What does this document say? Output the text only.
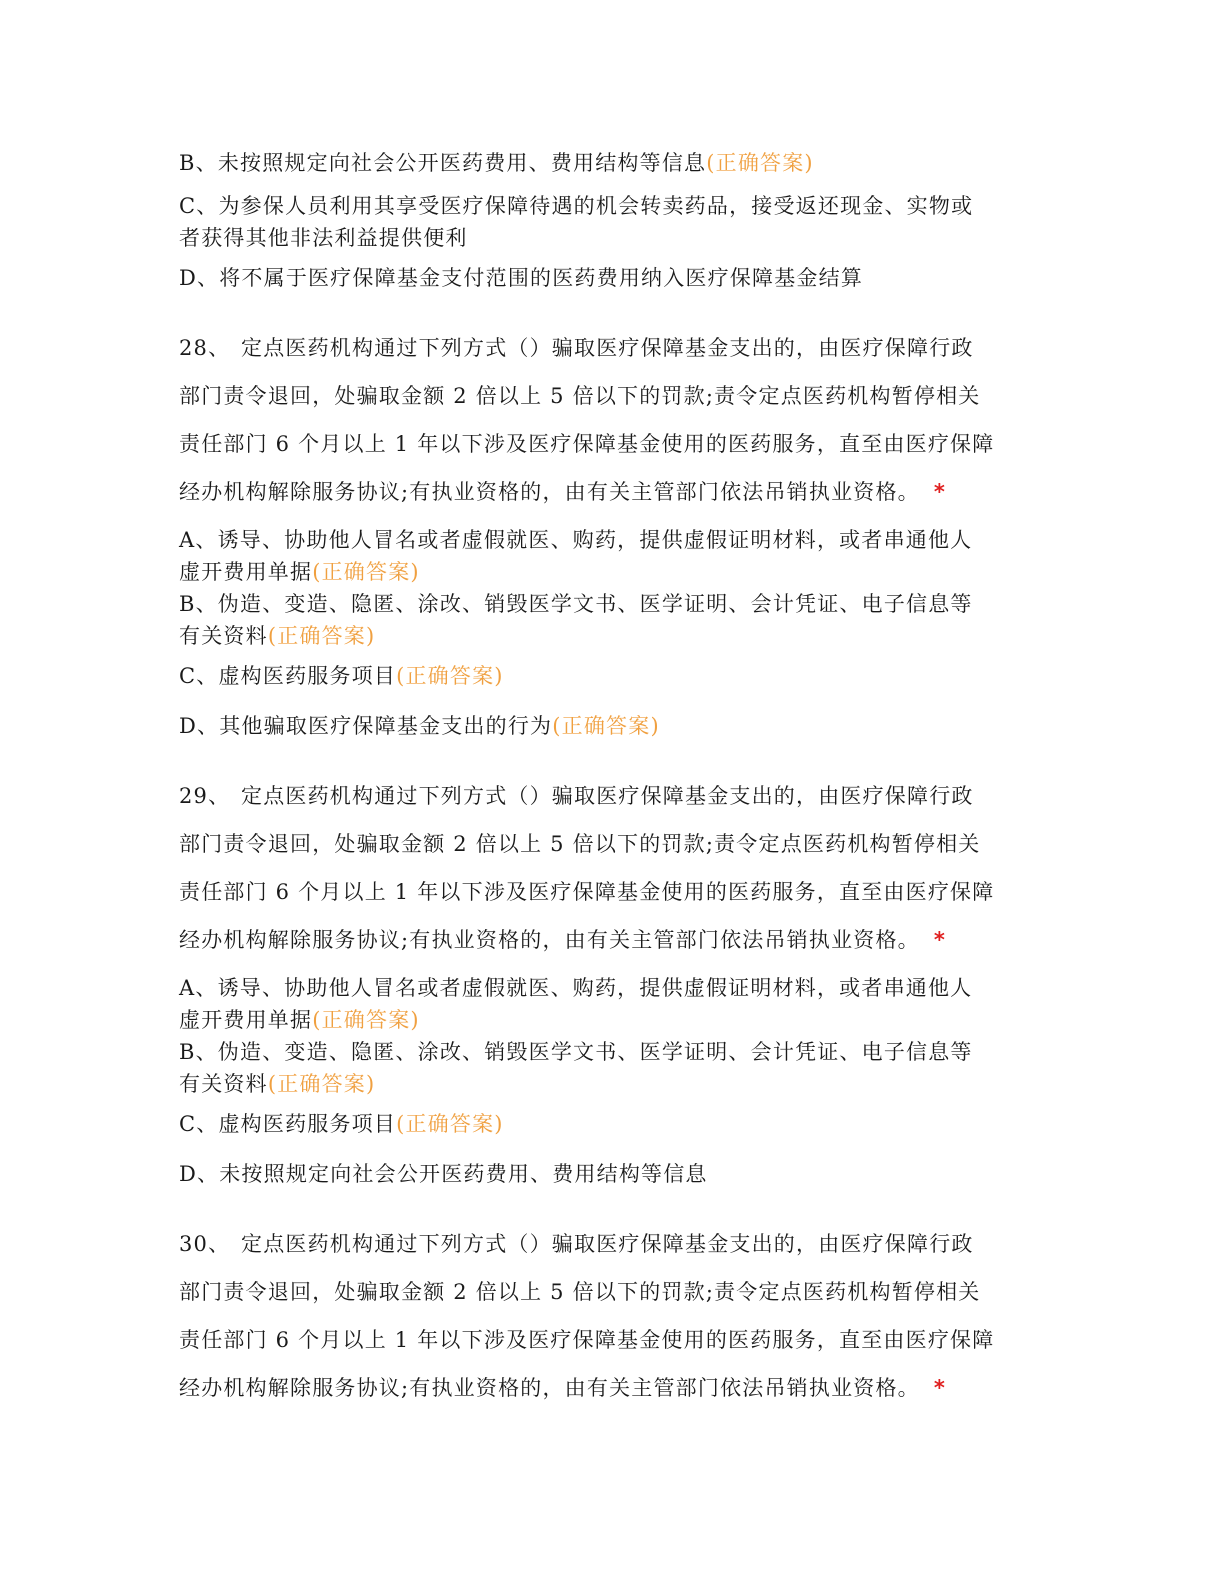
B、未按照规定向社会公开医药费用、费用结构等信息(正确答案)
C、为参保人员利用其享受医疗保障待遇的机会转卖药品，接受返还现金、实物或
者获得其他非法利益提供便利
D、将不属于医疗保障基金支付范围的医药费用纳入医疗保障基金结算
28、 定点医药机构通过下列方式（）骗取医疗保障基金支出的，由医疗保障行政
部门责令退回，处骗取金额 2 倍以上 5 倍以下的罚款;责令定点医药机构暂停相关
责任部门 6 个月以上 1 年以下涉及医疗保障基金使用的医药服务，直至由医疗保障
经办机构解除服务协议;有执业资格的，由有关主管部门依法吊销执业资格。 *
A、诱导、协助他人冒名或者虚假就医、购药，提供虚假证明材料，或者串通他人
虚开费用单据(正确答案)
B、伪造、变造、隐匿、涂改、销毁医学文书、医学证明、会计凭证、电子信息等
有关资料(正确答案)
C、虚构医药服务项目(正确答案)
D、其他骗取医疗保障基金支出的行为(正确答案)
29、 定点医药机构通过下列方式（）骗取医疗保障基金支出的，由医疗保障行政
部门责令退回，处骗取金额 2 倍以上 5 倍以下的罚款;责令定点医药机构暂停相关
责任部门 6 个月以上 1 年以下涉及医疗保障基金使用的医药服务，直至由医疗保障
经办机构解除服务协议;有执业资格的，由有关主管部门依法吊销执业资格。 *
A、诱导、协助他人冒名或者虚假就医、购药，提供虚假证明材料，或者串通他人
虚开费用单据(正确答案)
B、伪造、变造、隐匿、涂改、销毁医学文书、医学证明、会计凭证、电子信息等
有关资料(正确答案)
C、虚构医药服务项目(正确答案)
D、未按照规定向社会公开医药费用、费用结构等信息
30、 定点医药机构通过下列方式（）骗取医疗保障基金支出的，由医疗保障行政
部门责令退回，处骗取金额 2 倍以上 5 倍以下的罚款;责令定点医药机构暂停相关
责任部门 6 个月以上 1 年以下涉及医疗保障基金使用的医药服务，直至由医疗保障
经办机构解除服务协议;有执业资格的，由有关主管部门依法吊销执业资格。 *
